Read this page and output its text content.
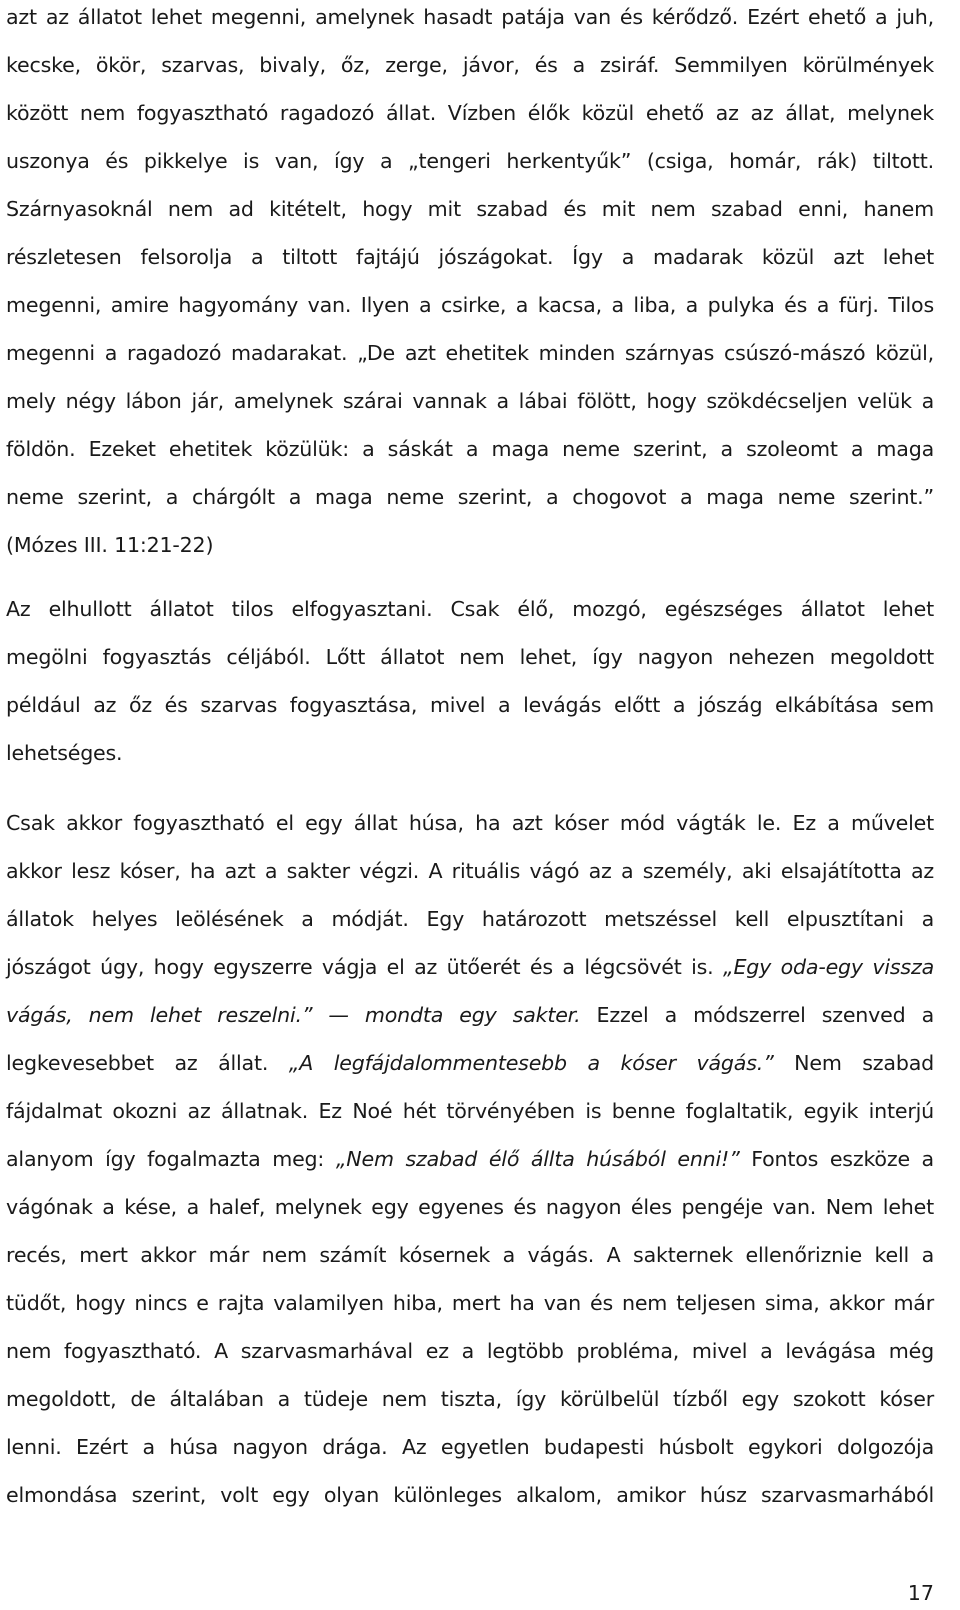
azt az állatot lehet megenni, amelynek hasadt patája van és kérődző. Ezért ehető a juh,
kecske, ökör, szarvas, bivaly, őz, zerge, jávor, és a zsiráf. Semmilyen körülmények
között nem fogyasztható ragadozó állat. Vízben élők közül ehető az az állat, melynek
uszonya és pikkelye is van, így a „tengeri herkentyűk” (csiga, homár, rák) tiltott.
Szárnyasoknál nem ad kitételt, hogy mit szabad és mit nem szabad enni, hanem
részletesen felsorolja a tiltott fajtájú jószágokat. Így a madarak közül azt lehet
megenni, amire hagyomány van. Ilyen a csirke, a kacsa, a liba, a pulyka és a fürj. Tilos
megenni a ragadozó madarakat. „De azt ehetitek minden szárnyas csúszó-mászó közül,
mely négy lábon jár, amelynek szárai vannak a lábai fölött, hogy szökdécseljen velük a
földön. Ezeket ehetitek közülük: a sáskát a maga neme szerint, a szoleomt a maga
neme szerint, a chárgólt a maga neme szerint, a chogovot a maga neme szerint.”
(Mózes III. 11:21-22)
Az elhullott állatot tilos elfogyasztani. Csak élő, mozgó, egészséges állatot lehet
megölni fogyasztás céljából. Lőtt állatot nem lehet, így nagyon nehezen megoldott
például az őz és szarvas fogyasztása, mivel a levágás előtt a jószág elkábítása sem
lehetséges.
Csak akkor fogyasztható el egy állat húsa, ha azt kóser mód vágták le. Ez a művelet
akkor lesz kóser, ha azt a sakter végzi. A rituális vágó az a személy, aki elsajátította az
állatok helyes leölésének a módját. Egy határozott metszéssel kell elpusztítani a
jószágot úgy, hogy egyszerre vágja el az ütőerét és a légcsövét is. „Egy oda-egy vissza
vágás, nem lehet reszelni.” — mondta egy sakter. Ezzel a módszerrel szenved a
legkevesebbet az állat. „A legfájdalommentesebb a kóser vágás.” Nem szabad
fájdalmat okozni az állatnak. Ez Noé hét törvényében is benne foglaltatik, egyik interjú
alanyom így fogalmazta meg: „Nem szabad élő állta húsából enni!” Fontos eszköze a
vágónak a kése, a halef, melynek egy egyenes és nagyon éles pengéje van. Nem lehet
recés, mert akkor már nem számít kósernek a vágás. A sakternek ellenőriznie kell a
tüdőt, hogy nincs e rajta valamilyen hiba, mert ha van és nem teljesen sima, akkor már
nem fogyasztható. A szarvasmarhával ez a legtöbb probléma, mivel a levágása még
megoldott, de általában a tüdeje nem tiszta, így körülbelül tízből egy szokott kóser
lenni. Ezért a húsa nagyon drága. Az egyetlen budapesti húsbolt egykori dolgozója
elmondása szerint, volt egy olyan különleges alkalom, amikor húsz szarvasmarhából
17
